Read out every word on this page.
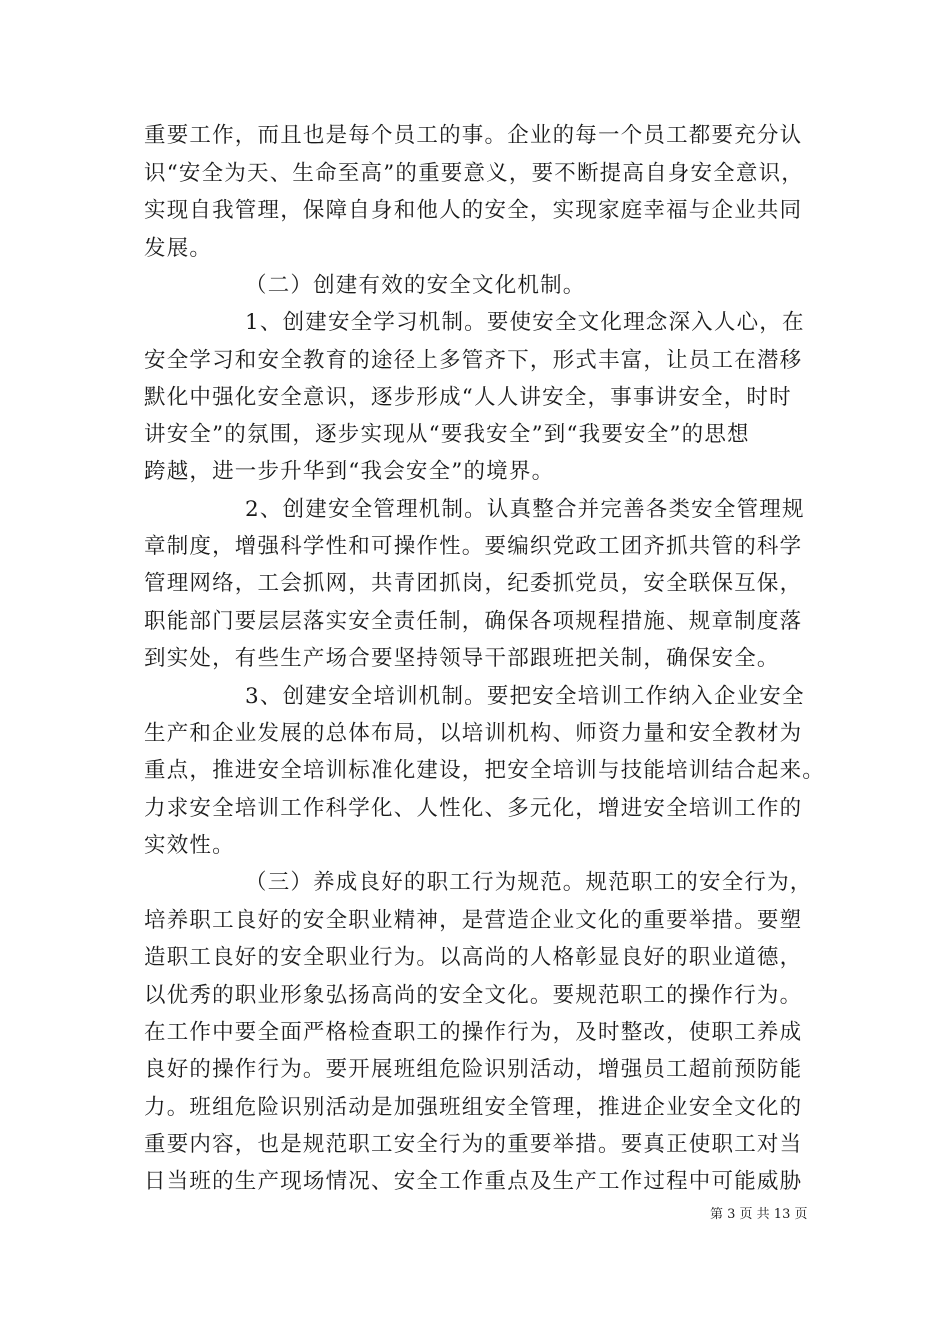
重要工作，而且也是每个员工的事。企业的每一个员工都要充分认
识“安全为天、生命至高”的重要意义，要不断提高自身安全意识，
实现自我管理，保障自身和他人的安全，实现家庭幸福与企业共同
发展。
（二）创建有效的安全文化机制。
1、创建安全学习机制。要使安全文化理念深入人心，在
安全学习和安全教育的途径上多管齐下，形式丰富，让员工在潜移
默化中强化安全意识，逐步形成“人人讲安全，事事讲安全，时时
讲安全”的氛围，逐步实现从“要我安全”到“我要安全”的思想
跨越，进一步升华到“我会安全”的境界。
2、创建安全管理机制。认真整合并完善各类安全管理规
章制度，增强科学性和可操作性。要编织党政工团齐抓共管的科学
管理网络，工会抓网，共青团抓岗，纪委抓党员，安全联保互保，
职能部门要层层落实安全责任制，确保各项规程措施、规章制度落
到实处，有些生产场合要坚持领导干部跟班把关制，确保安全。
3、创建安全培训机制。要把安全培训工作纳入企业安全
生产和企业发展的总体布局，以培训机构、师资力量和安全教材为
重点，推进安全培训标准化建设，把安全培训与技能培训结合起来。
力求安全培训工作科学化、人性化、多元化，增进安全培训工作的
实效性。
（三）养成良好的职工行为规范。规范职工的安全行为，
培养职工良好的安全职业精神，是营造企业文化的重要举措。要塑
造职工良好的安全职业行为。以高尚的人格彰显良好的职业道德，
以优秀的职业形象弘扬高尚的安全文化。要规范职工的操作行为。
在工作中要全面严格检查职工的操作行为，及时整改，使职工养成
良好的操作行为。要开展班组危险识别活动，增强员工超前预防能
力。班组危险识别活动是加强班组安全管理，推进企业安全文化的
重要内容，也是规范职工安全行为的重要举措。要真正使职工对当
日当班的生产现场情况、安全工作重点及生产工作过程中可能威胁
第 3 页 共 13 页
